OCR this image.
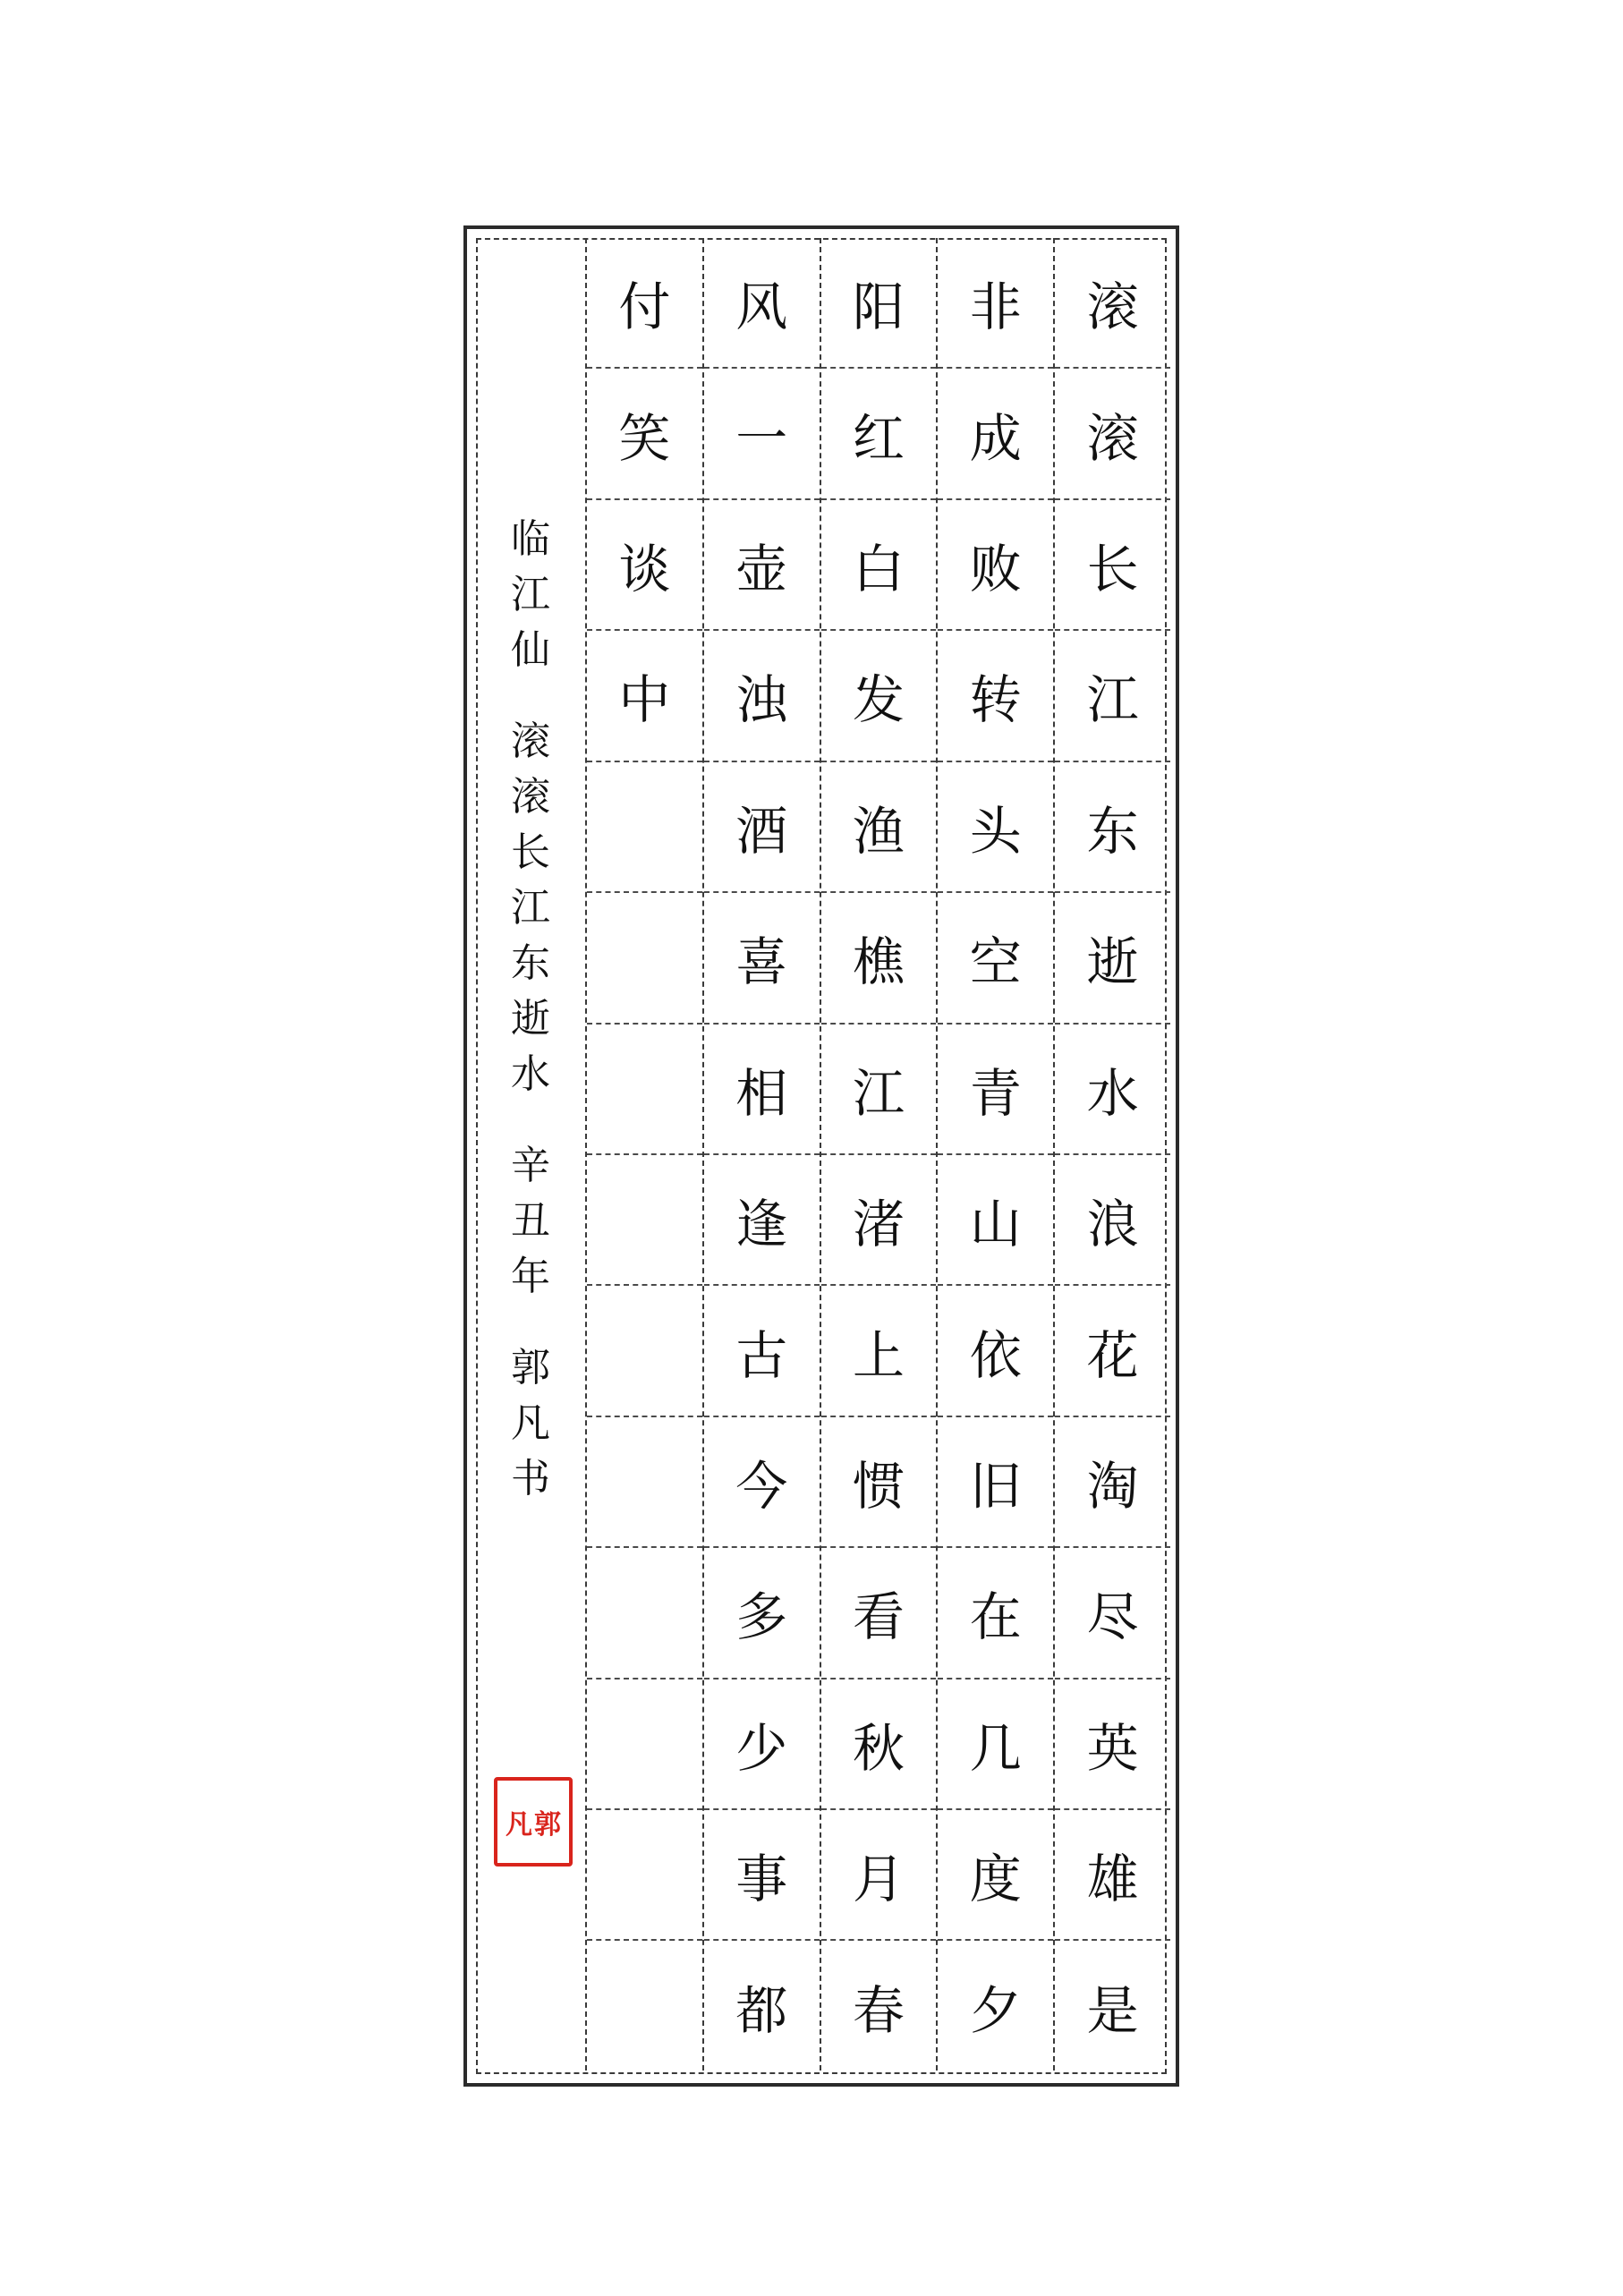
临
江
仙
滚
滚
长
江
东
逝
水
辛
丑
年
郭
凡
书
凡 郭
付
笑
谈
中
风
一
壶
浊
酒
喜
相
逢
古
今
多
少
事
都
阳
红
白
发
渔
樵
江
渚
上
惯
看
秋
月
春
非
成
败
转
头
空
青
山
依
旧
在
几
度
夕
滚
滚
长
江
东
逝
水
浪
花
淘
尽
英
雄
是
